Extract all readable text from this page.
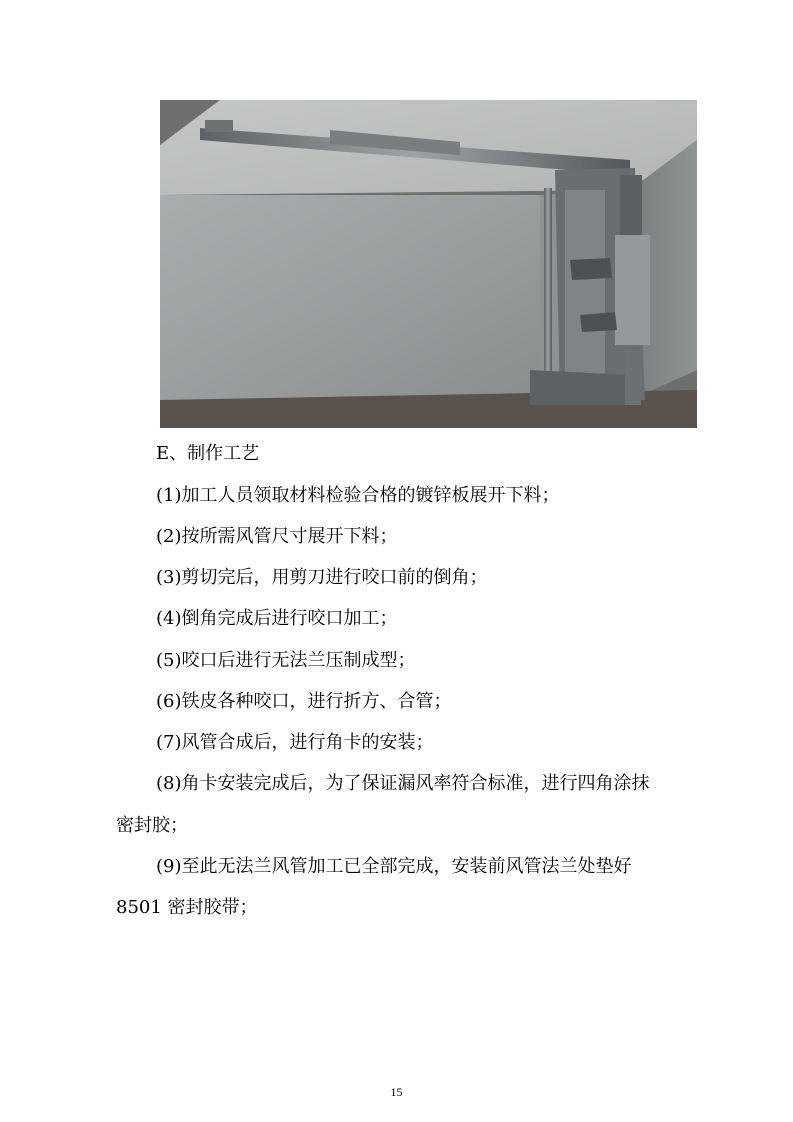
E、制作工艺
(1)加工人员领取材料检验合格的镀锌板展开下料；
(2)按所需风管尺寸展开下料；
(3)剪切完后，用剪刀进行咬口前的倒角；
(4)倒角完成后进行咬口加工；
(5)咬口后进行无法兰压制成型；
(6)铁皮各种咬口，进行折方、合管；
(7)风管合成后，进行角卡的安装；
(8)角卡安装完成后，为了保证漏风率符合标准，进行四角涂抹
密封胶；
(9)至此无法兰风管加工已全部完成，安装前风管法兰处垫好
8501 密封胶带；
15
